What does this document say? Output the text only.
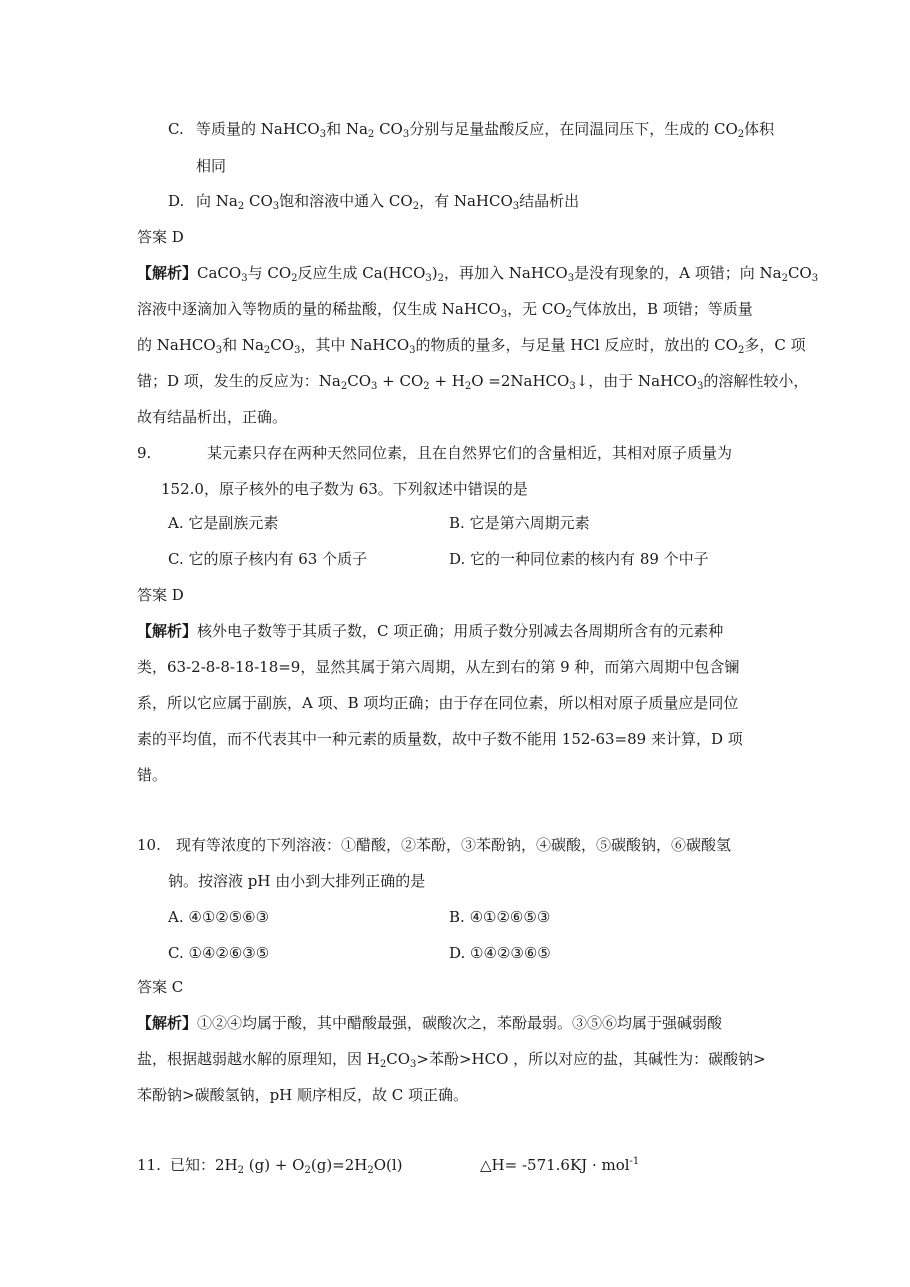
C. 等质量的 NaHCO$_3$和 $Na_2$ $CO_3$分别与足量盐酸反应，在同温同压下，生成的 $CO_2$体积
相同
D. 向 $Na_2$ $CO_3$饱和溶液中通入 $CO_2$，有 NaHCO$_3$结晶析出
答案 D
【解析】CaCO$_3$与 $CO_2$反应生成 $Ca(HCO_3)_2$，再加入 NaHCO$_3$是没有现象的，A 项错；向 $Na_2CO_3$
溶液中逐滴加入等物质的量的稀盐酸，仅生成 NaHCO$_3$，无 $CO_2$气体放出，B 项错；等质量
的 NaHCO$_3$和 $Na_2CO_3$，其中 NaHCO$_3$的物质的量多，与足量 HCl 反应时，放出的 $CO_2$多，C 项
错；D 项，发生的反应为：$Na_2CO_3 + CO_2 + H_2O$ =2NaHCO$_3$↓，由于 NaHCO$_3$的溶解性较小，
故有结晶析出，正确。
9.	某元素只存在两种天然同位素，且在自然界它们的含量相近，其相对原子质量为
152.0，原子核外的电子数为 63。下列叙述中错误的是
A. 它是副族元素	B. 它是第六周期元素
C. 它的原子核内有 63 个质子	D. 它的一种同位素的核内有 89 个中子
答案 D
【解析】核外电子数等于其质子数，C 项正确；用质子数分别减去各周期所含有的元素种
类，63-2-8-8-18-18=9，显然其属于第六周期，从左到右的第 9 种，而第六周期中包含镧
系，所以它应属于副族，A 项、B 项均正确；由于存在同位素，所以相对原子质量应是同位
素的平均值，而不代表其中一种元素的质量数，故中子数不能用 152-63=89 来计算，D 项
错。
10. 现有等浓度的下列溶液：①醋酸，②苯酚，③苯酚钠，④碳酸，⑤碳酸钠，⑥碳酸氢
钠。按溶液 pH 由小到大排列正确的是
A. ④①②⑤⑥③	B. ④①②⑥⑤③
C. ①④②⑥③⑤	D. ①④②③⑥⑤
答案 C
【解析】①②④均属于酸，其中醋酸最强，碳酸次之，苯酚最弱。③⑤⑥均属于强碱弱酸
盐，根据越弱越水解的原理知，因 $H_2CO_3>$苯酚>HCO ，所以对应的盐，其碱性为：碳酸钠>
苯酚钠>碳酸氢钠，pH 顺序相反，故 C 项正确。
11. 已知：$2H_2$ $(g) + O_2(g)=2H_2O(l)$	△H= -571.6KJ · mol$^{-1}$
